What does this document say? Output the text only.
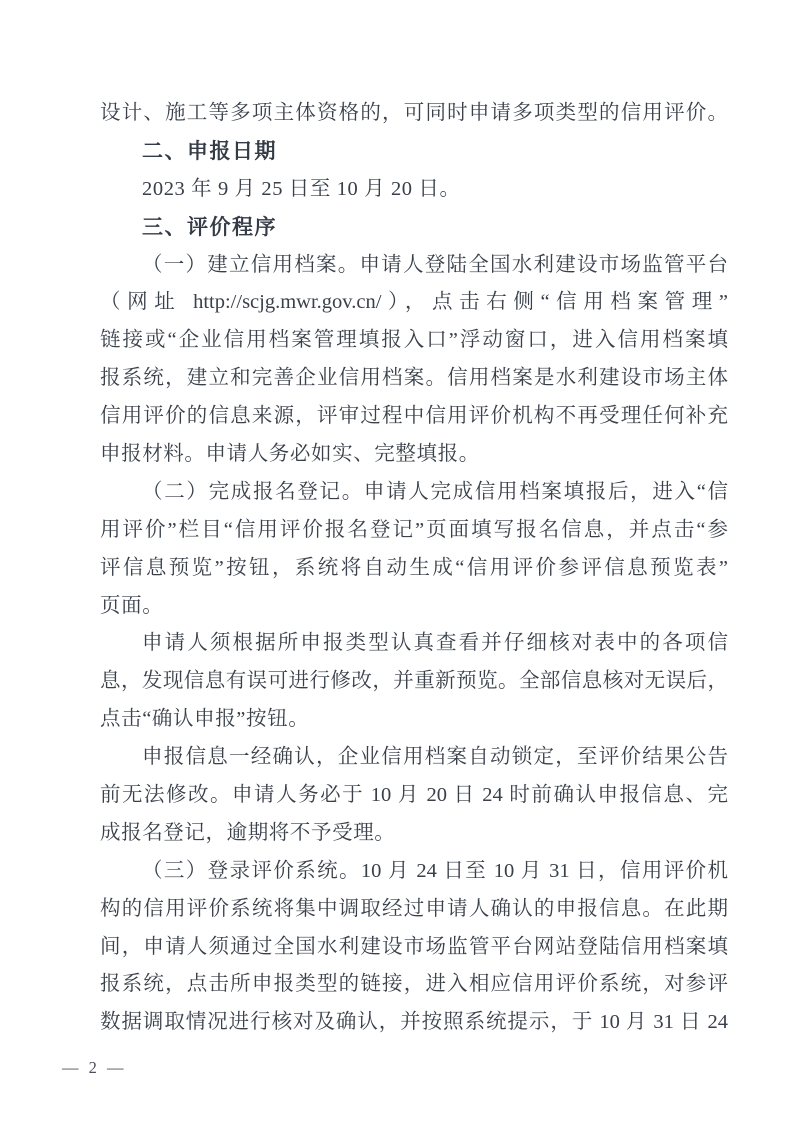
设计、施工等多项主体资格的，可同时申请多项类型的信用评价。
二、申报日期
2023 年 9 月 25 日至 10 月 20 日。
三、评价程序
（一）建立信用档案。申请人登陆全国水利建设市场监管平台
（网址 http://scjg.mwr.gov.cn/），点击右侧“信用档案管理”
链接或“企业信用档案管理填报入口”浮动窗口，进入信用档案填
报系统，建立和完善企业信用档案。信用档案是水利建设市场主体
信用评价的信息来源，评审过程中信用评价机构不再受理任何补充
申报材料。申请人务必如实、完整填报。
（二）完成报名登记。申请人完成信用档案填报后，进入“信
用评价”栏目“信用评价报名登记”页面填写报名信息，并点击“参
评信息预览”按钮，系统将自动生成“信用评价参评信息预览表”
页面。
申请人须根据所申报类型认真查看并仔细核对表中的各项信
息，发现信息有误可进行修改，并重新预览。全部信息核对无误后，
点击“确认申报”按钮。
申报信息一经确认，企业信用档案自动锁定，至评价结果公告
前无法修改。申请人务必于 10 月 20 日 24 时前确认申报信息、完
成报名登记，逾期将不予受理。
（三）登录评价系统。10 月 24 日至 10 月 31 日，信用评价机
构的信用评价系统将集中调取经过申请人确认的申报信息。在此期
间，申请人须通过全国水利建设市场监管平台网站登陆信用档案填
报系统，点击所申报类型的链接，进入相应信用评价系统，对参评
数据调取情况进行核对及确认，并按照系统提示，于 10 月 31 日 24
— 2 —
